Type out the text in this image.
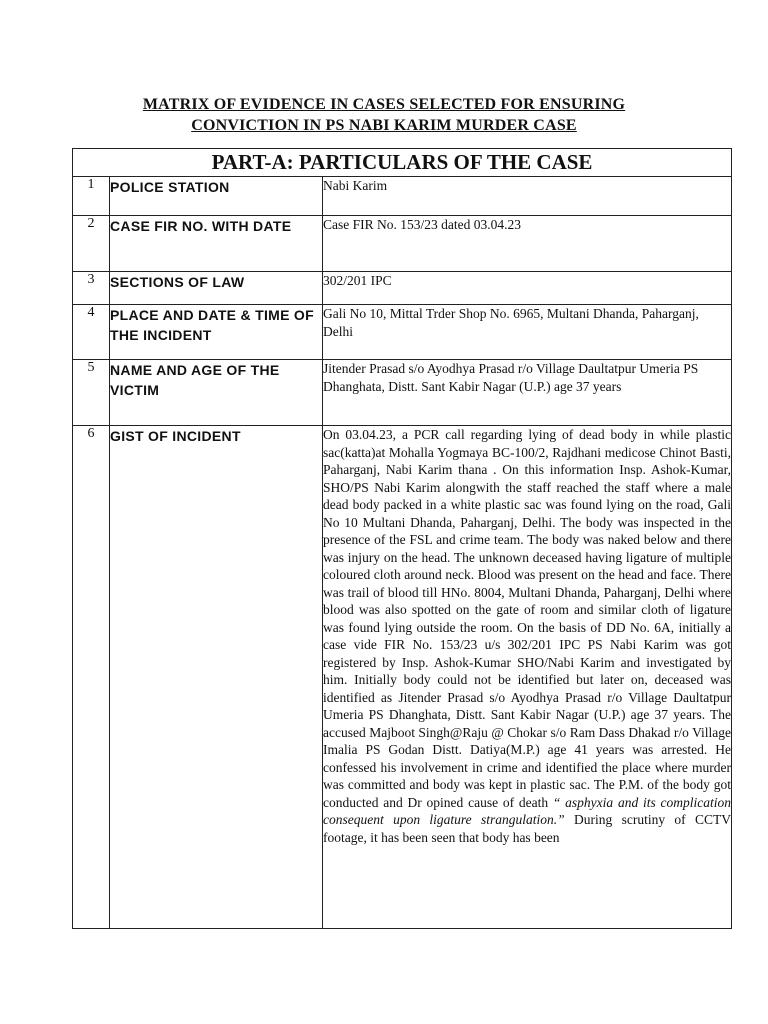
MATRIX OF EVIDENCE IN CASES SELECTED FOR ENSURING
CONVICTION IN PS NABI KARIM MURDER CASE
PART-A: PARTICULARS OF THE CASE		
1	POLICE STATION	Nabi Karim
2	CASE FIR NO. WITH DATE	Case FIR No. 153/23 dated 03.04.23
3	SECTIONS OF LAW	302/201 IPC
4	PLACE AND DATE & TIME OF THE INCIDENT	Gali No 10, Mittal Trder Shop No. 6965, Multani Dhanda, Paharganj, Delhi
5	NAME AND AGE OF THE VICTIM	Jitender Prasad s/o Ayodhya Prasad r/o Village Daultatpur Umeria PS Dhanghata, Distt. Sant Kabir Nagar (U.P.) age 37 years
6	GIST OF INCIDENT	On 03.04.23, a PCR call regarding lying of dead body in while plastic sac(katta)at Mohalla Yogmaya BC-100/2, Rajdhani medicose Chinot Basti, Paharganj, Nabi Karim thana . On this information Insp. Ashok-Kumar, SHO/PS Nabi Karim alongwith the staff reached the staff where a male dead body packed in a white plastic sac was found lying on the road, Gali No 10 Multani Dhanda, Paharganj, Delhi. The body was inspected in the presence of the FSL and crime team. The body was naked below and there was injury on the head. The unknown deceased having ligature of multiple coloured cloth around neck. Blood was present on the head and face. There was trail of blood till HNo. 8004, Multani Dhanda, Paharganj, Delhi where blood was also spotted on the gate of room and similar cloth of ligature was found lying outside the room. On the basis of DD No. 6A, initially a case vide FIR No. 153/23 u/s 302/201 IPC PS Nabi Karim was got registered by Insp. Ashok-Kumar SHO/Nabi Karim and investigated by him. Initially body could not be identified but later on, deceased was identified as Jitender Prasad s/o Ayodhya Prasad r/o Village Daultatpur Umeria PS Dhanghata, Distt. Sant Kabir Nagar (U.P.) age 37 years. The accused Majboot Singh@Raju @ Chokar s/o Ram Dass Dhakad r/o Village Imalia PS Godan Distt. Datiya(M.P.) age 41 years was arrested. He confessed his involvement in crime and identified the place where murder was committed and body was kept in plastic sac. The P.M. of the body got conducted and Dr opined cause of death “ asphyxia and its complication consequent upon ligature strangulation.” During scrutiny of CCTV footage, it has been seen that body has been
